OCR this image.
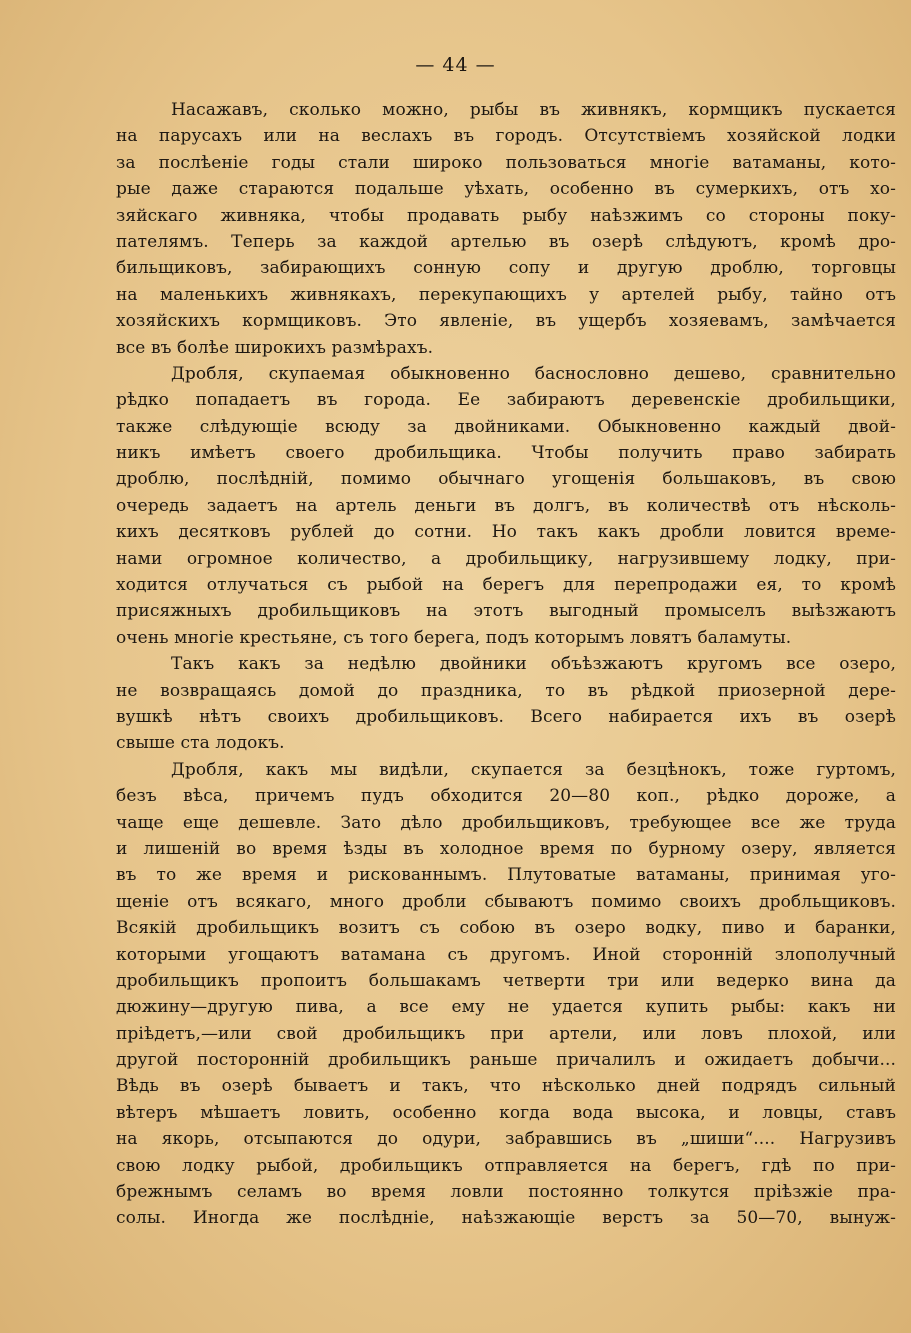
— 44 —
Насажавъ, сколько можно, рыбы въ живнякъ, кормщикъ пускается
на парусахъ или на веслахъ въ городъ. Отсутствіемъ хозяйской лодки
за послѣеніе годы стали широко пользоваться многіе ватаманы, кото-
рые даже стараются подальше уѣхать, особенно въ сумеркихъ, отъ хо-
зяйскаго живняка, чтобы продавать рыбу наѣзжимъ со стороны поку-
пателямъ. Теперь за каждой артелью въ озерѣ слѣдуютъ, кромѣ дро-
бильщиковъ, забирающихъ сонную сопу и другую дроблю, торговцы
на маленькихъ живнякахъ, перекупающихъ у артелей рыбу, тайно отъ
хозяйскихъ кормщиковъ. Это явленіе, въ ущербъ хозяевамъ, замѣчается
все въ болѣе широкихъ размѣрахъ.
Дробля, скупаемая обыкновенно баснословно дешево, сравнительно
рѣдко попадаетъ въ города. Ее забираютъ деревенскіе дробильщики,
также слѣдующіе всюду за двойниками. Обыкновенно каждый двой-
никъ имѣетъ своего дробильщика. Чтобы получить право забирать
дроблю, послѣдній, помимо обычнаго угощенія большаковъ, въ свою
очередь задаетъ на артель деньги въ долгъ, въ количествѣ отъ нѣсколь-
кихъ десятковъ рублей до сотни. Но такъ какъ дробли ловится време-
нами огромное количество, а дробильщику, нагрузившему лодку, при-
ходится отлучаться съ рыбой на берегъ для перепродажи ея, то кромѣ
присяжныхъ дробильщиковъ на этотъ выгодный промыселъ выѣзжаютъ
очень многіе крестьяне, съ того берега, подъ которымъ ловятъ баламуты.
Такъ какъ за недѣлю двойники объѣзжаютъ кругомъ все озеро,
не возвращаясь домой до праздника, то въ рѣдкой приозерной дере-
вушкѣ нѣтъ своихъ дробильщиковъ. Всего набирается ихъ въ озерѣ
свыше ста лодокъ.
Дробля, какъ мы видѣли, скупается за безцѣнокъ, тоже гуртомъ,
безъ вѣса, причемъ пудъ обходится 20—80 коп., рѣдко дороже, а
чаще еще дешевле. Зато дѣло дробильщиковъ, требующее все же труда
и лишеній во время ѣзды въ холодное время по бурному озеру, является
въ то же время и рискованнымъ. Плутоватые ватаманы, принимая уго-
щеніе отъ всякаго, много дробли сбываютъ помимо своихъ дробльщиковъ.
Всякій дробильщикъ возитъ съ собою въ озеро водку, пиво и баранки,
которыми угощаютъ ватамана съ другомъ. Иной сторонній злополучный
дробильщикъ пропоитъ большакамъ четверти три или ведерко вина да
дюжину—другую пива, а все ему не удается купить рыбы: какъ ни
пріѣдетъ,—или свой дробильщикъ при артели, или ловъ плохой, или
другой посторонній дробильщикъ раньше причалилъ и ожидаетъ добычи...
Вѣдь въ озерѣ бываетъ и такъ, что нѣсколько дней подрядъ сильный
вѣтеръ мѣшаетъ ловить, особенно когда вода высока, и ловцы, ставъ
на якорь, отсыпаются до одури, забравшись въ „шиши“.... Нагрузивъ
свою лодку рыбой, дробильщикъ отправляется на берегъ, гдѣ по при-
брежнымъ селамъ во время ловли постоянно толкутся пріѣзжіе пра-
солы. Иногда же послѣдніе, наѣзжающіе верстъ за 50—70, вынуж-
